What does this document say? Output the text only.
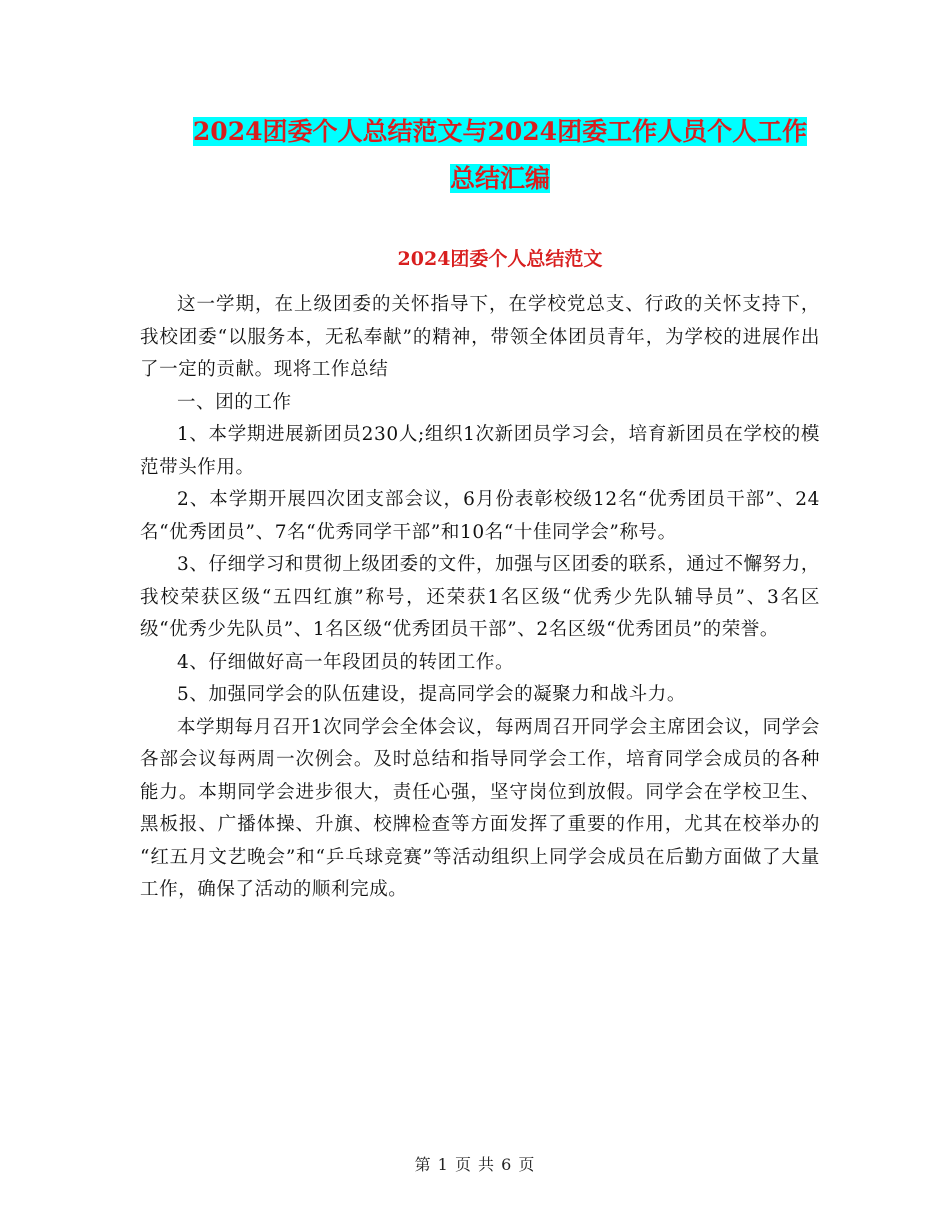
2024团委个人总结范文与2024团委工作人员个人工作
总结汇编
2024团委个人总结范文

这一学期，在上级团委的关怀指导下，在学校党总支、行政的关怀支持下，我校团委“以服务本，无私奉献”的精神，带领全体团员青年，为学校的进展作出了一定的贡献。现将工作总结

一、团的工作

1、本学期进展新团员230人;组织1次新团员学习会，培育新团员在学校的模范带头作用。

2、本学期开展四次团支部会议，6月份表彰校级12名“优秀团员干部”、24名“优秀团员”、7名“优秀同学干部”和10名“十佳同学会”称号。

3、仔细学习和贯彻上级团委的文件，加强与区团委的联系，通过不懈努力，我校荣获区级“五四红旗”称号，还荣获1名区级“优秀少先队辅导员”、3名区级“优秀少先队员”、1名区级“优秀团员干部”、2名区级“优秀团员”的荣誉。

4、仔细做好高一年段团员的转团工作。

5、加强同学会的队伍建设，提高同学会的凝聚力和战斗力。

本学期每月召开1次同学会全体会议，每两周召开同学会主席团会议，同学会各部会议每两周一次例会。及时总结和指导同学会工作，培育同学会成员的各种能力。本期同学会进步很大，责任心强，坚守岗位到放假。同学会在学校卫生、黑板报、广播体操、升旗、校牌检查等方面发挥了重要的作用，尤其在校举办的 “红五月文艺晚会”和“乒乓球竞赛”等活动组织上同学会成员在后勤方面做了大量工作，确保了活动的顺利完成。

第 1 页 共 6 页
